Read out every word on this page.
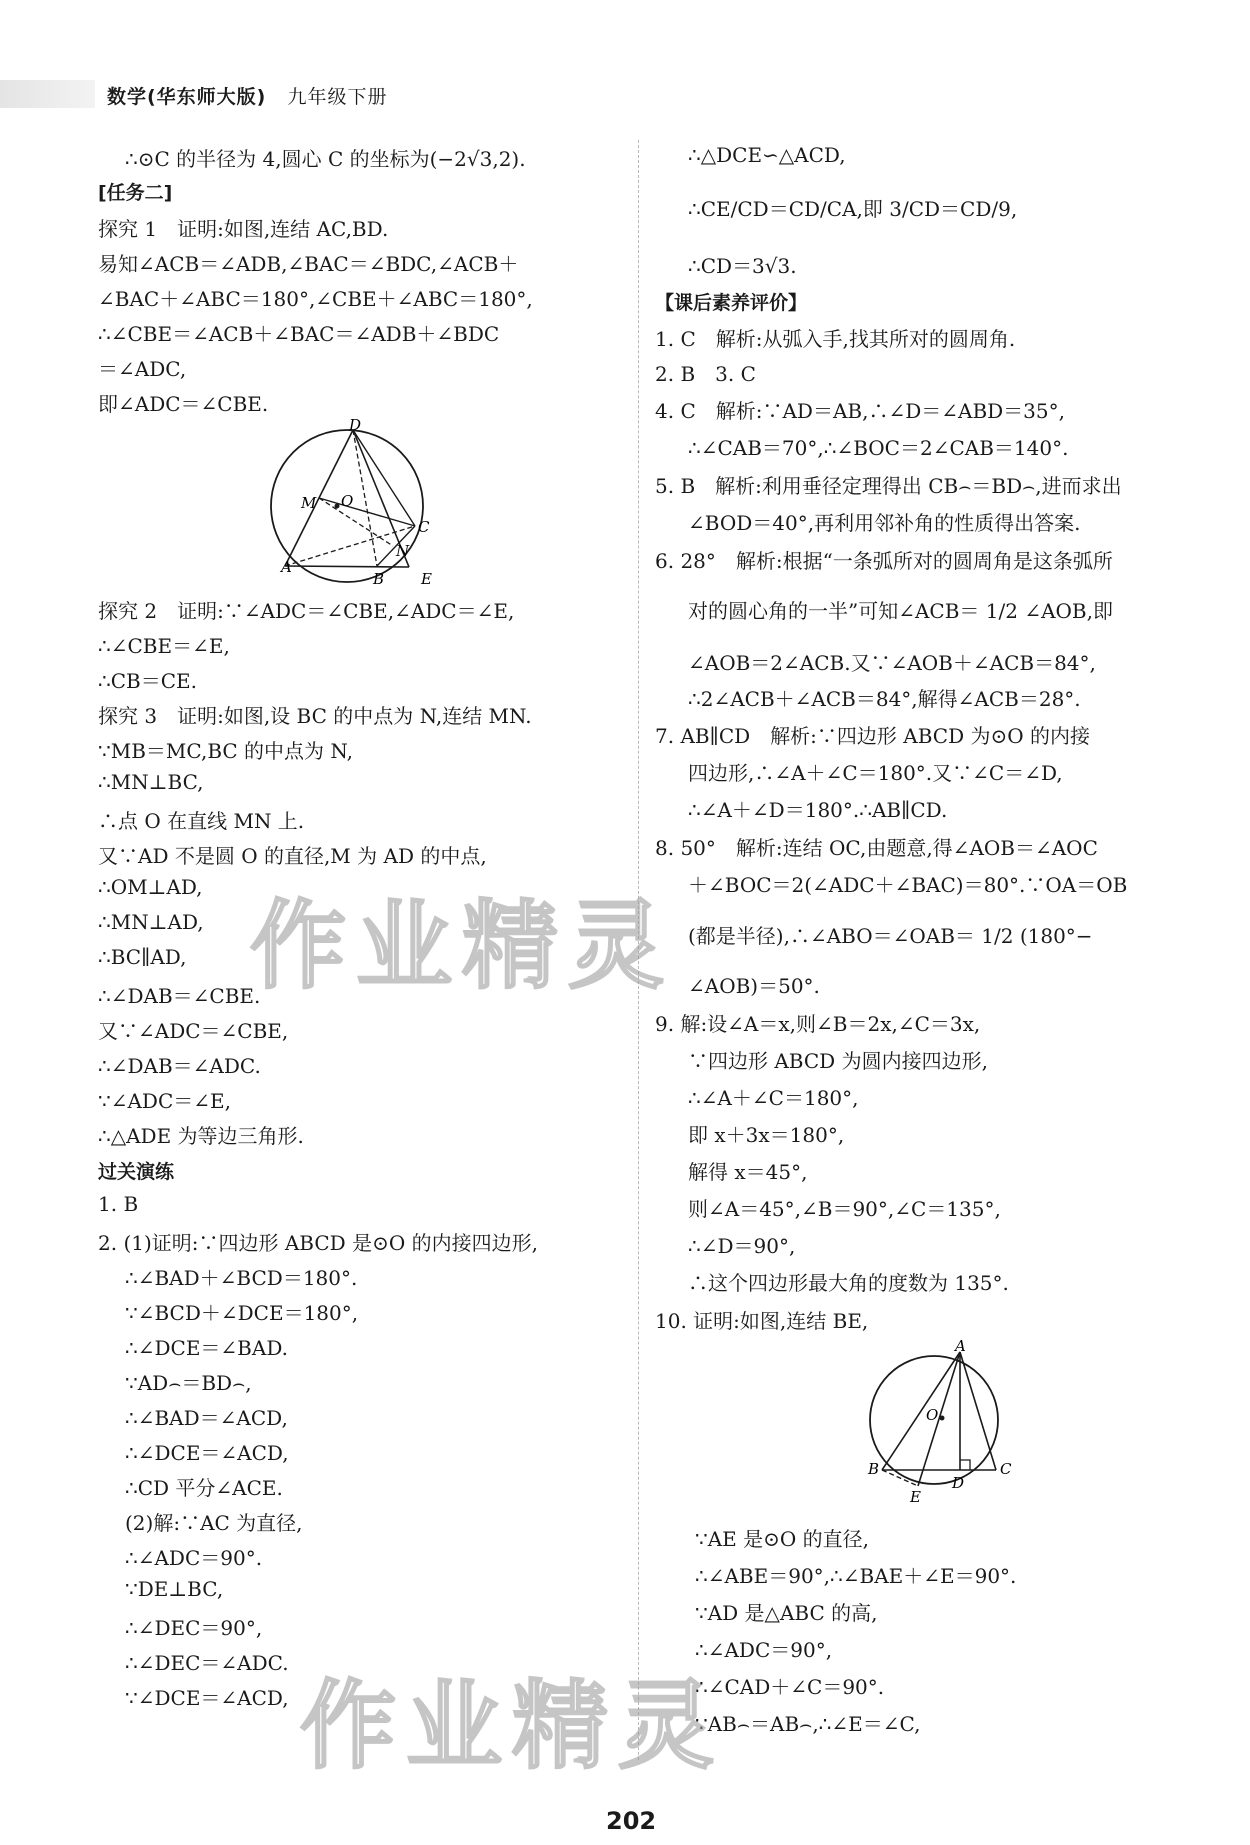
数学(华东师大版) 九年级下册
∴⊙C 的半径为 4,圆心 C 的坐标为(−2√3,2).
[任务二]
探究 1　证明:如图,连结 AC,BD.
易知∠ACB＝∠ADB,∠BAC＝∠BDC,∠ACB＋
∠BAC＋∠ABC＝180°,∠CBE＋∠ABC＝180°,
∴∠CBE＝∠ACB＋∠BAC＝∠ADB＋∠BDC
＝∠ADC,
即∠ADC＝∠CBE.
D
M O
C
N
A
B E
探究 2　证明:∵∠ADC＝∠CBE,∠ADC＝∠E,
∴∠CBE＝∠E,
∴CB＝CE.
探究 3　证明:如图,设 BC 的中点为 N,连结 MN.
∵MB＝MC,BC 的中点为 N,
∴MN⊥BC,
∴点 O 在直线 MN 上.
又∵AD 不是圆 O 的直径,M 为 AD 的中点,
∴OM⊥AD,
∴MN⊥AD,
∴BC∥AD,
∴∠DAB＝∠CBE.
又∵∠ADC＝∠CBE,
∴∠DAB＝∠ADC.
∵∠ADC＝∠E,
∴△ADE 为等边三角形.
过关演练
1. B
2. (1)证明:∵四边形 ABCD 是⊙O 的内接四边形,
∴∠BAD＋∠BCD＝180°.
∵∠BCD＋∠DCE＝180°,
∴∠DCE＝∠BAD.
∵AD⌢＝BD⌢,
∴∠BAD＝∠ACD,
∴∠DCE＝∠ACD,
∴CD 平分∠ACE.
(2)解:∵AC 为直径,
∴∠ADC＝90°.
∵DE⊥BC,
∴∠DEC＝90°,
∴∠DEC＝∠ADC.
∵∠DCE＝∠ACD,
∴△DCE∽△ACD,
∴CE/CD＝CD/CA,即 3/CD＝CD/9,
∴CD＝3√3.
【课后素养评价】
1. C　解析:从弧入手,找其所对的圆周角.
2. B　3. C
4. C　解析:∵AD＝AB,∴∠D＝∠ABD＝35°,
∴∠CAB＝70°,∴∠BOC＝2∠CAB＝140°.
5. B　解析:利用垂径定理得出 CB⌢＝BD⌢,进而求出
∠BOD＝40°,再利用邻补角的性质得出答案.
6. 28°　解析:根据“一条弧所对的圆周角是这条弧所
对的圆心角的一半”可知∠ACB＝ 1/2 ∠AOB,即
∠AOB＝2∠ACB.又∵∠AOB＋∠ACB＝84°,
∴2∠ACB＋∠ACB＝84°,解得∠ACB＝28°.
7. AB∥CD　解析:∵四边形 ABCD 为⊙O 的内接
四边形,∴∠A＋∠C＝180°.又∵∠C＝∠D,
∴∠A＋∠D＝180°.∴AB∥CD.
8. 50°　解析:连结 OC,由题意,得∠AOB＝∠AOC
＋∠BOC＝2(∠ADC＋∠BAC)＝80°.∵OA＝OB
(都是半径),∴∠ABO＝∠OAB＝ 1/2 (180°−
∠AOB)＝50°.
9. 解:设∠A＝x,则∠B＝2x,∠C＝3x,
∵四边形 ABCD 为圆内接四边形,
∴∠A＋∠C＝180°,
即 x＋3x＝180°,
解得 x＝45°,
则∠A＝45°,∠B＝90°,∠C＝135°,
∴∠D＝90°,
∴这个四边形最大角的度数为 135°.
10. 证明:如图,连结 BE,
A
O
B
D
C
E
∵AE 是⊙O 的直径,
∴∠ABE＝90°,∴∠BAE＋∠E＝90°.
∵AD 是△ABC 的高,
∴∠ADC＝90°,
∴∠CAD＋∠C＝90°.
∵AB⌢＝AB⌢,∴∠E＝∠C,
作业精灵
作业精灵
202
